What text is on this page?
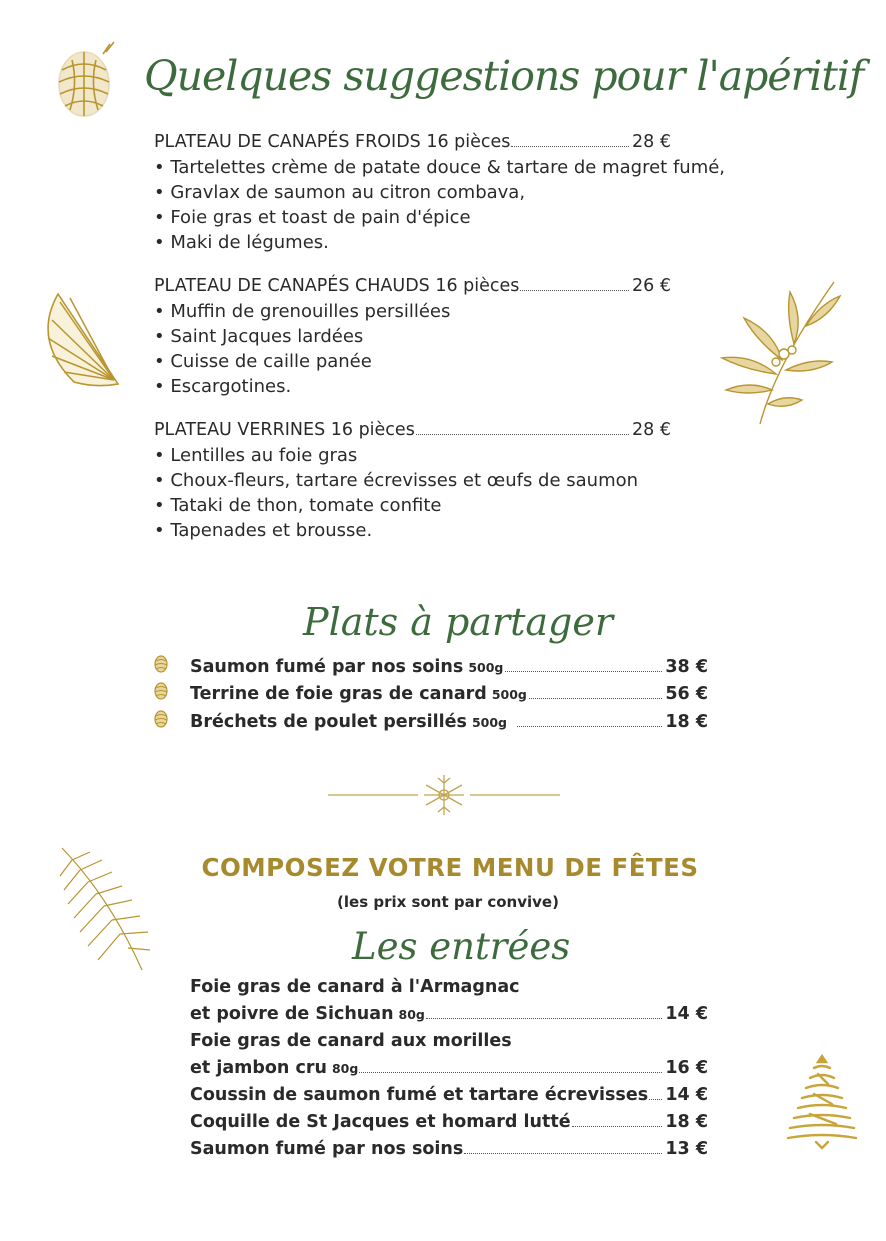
Quelques suggestions pour l'apéritif
PLATEAU DE CANAPÉS FROIDS 16 pièces	28 €
• Tartelettes crème de patate douce & tartare de magret fumé,
• Gravlax de saumon au citron combava,
• Foie gras et toast de pain d'épice
• Maki de légumes.
PLATEAU DE CANAPÉS CHAUDS 16 pièces	26 €
• Muffin de grenouilles persillées
• Saint Jacques lardées
• Cuisse de caille panée
• Escargotines.
PLATEAU VERRINES 16 pièces	28 €
• Lentilles au foie gras
• Choux-fleurs, tartare écrevisses et œufs de saumon
• Tataki de thon, tomate confite
• Tapenades et brousse.
Plats à partager
Saumon fumé par nos soins 500g	38 €
Terrine de foie gras de canard 500g	56 €
Bréchets de poulet persillés 500g	18 €
COMPOSEZ VOTRE MENU DE FÊTES
(les prix sont par convive)
Les entrées
Foie gras de canard à l'Armagnac
et poivre de Sichuan 80g	14 €
Foie gras de canard aux morilles
et jambon cru 80g	16 €
Coussin de saumon fumé et tartare écrevisses 14 €
Coquille de St Jacques et homard lutté	18 €
Saumon fumé par nos soins	13 €
